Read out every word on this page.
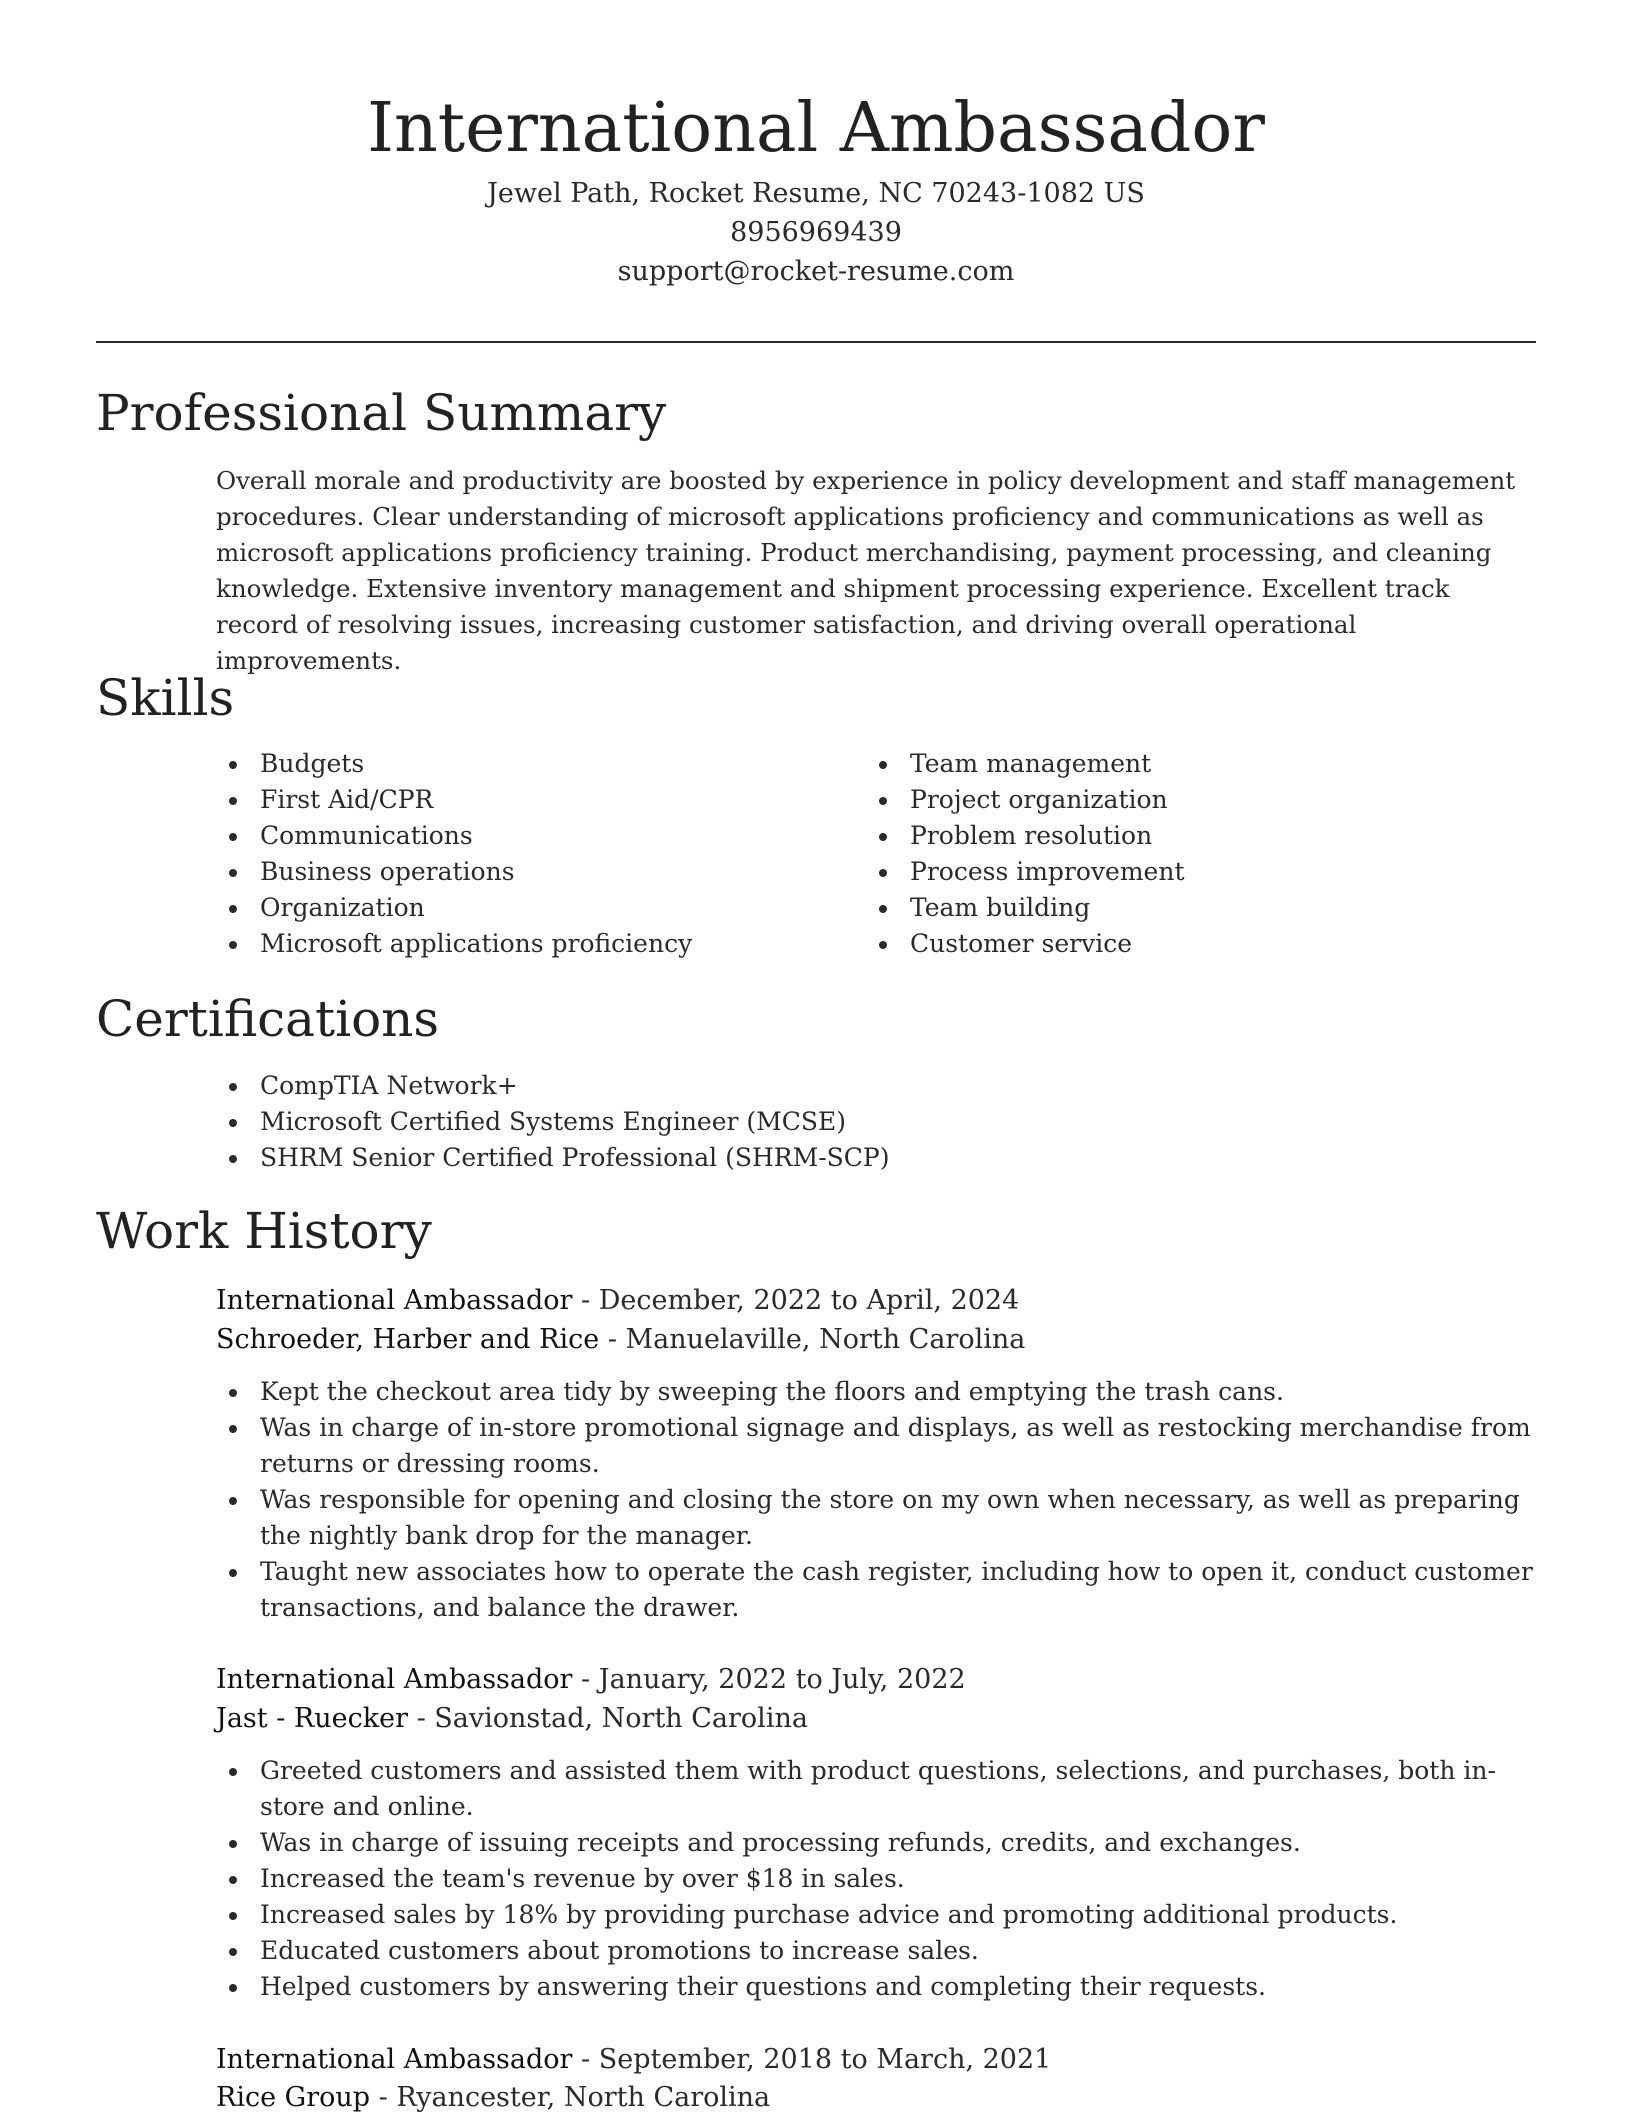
International Ambassador
Jewel Path, Rocket Resume, NC 70243-1082 US
8956969439
support@rocket-resume.com
Professional Summary

Overall morale and productivity are boosted by experience in policy development and staff management procedures. Clear understanding of microsoft applications proficiency and communications as well as microsoft applications proficiency training. Product merchandising, payment processing, and cleaning knowledge. Extensive inventory management and shipment processing experience. Excellent track record of resolving issues, increasing customer satisfaction, and driving overall operational improvements.

Skills
Budgets
First Aid/CPR
Communications
Business operations
Organization
Microsoft applications proficiency
Team management
Project organization
Problem resolution
Process improvement
Team building
Customer service
Certifications
CompTIA Network+
Microsoft Certified Systems Engineer (MCSE)
SHRM Senior Certified Professional (SHRM-SCP)
Work History
International Ambassador - December, 2022 to April, 2024
Schroeder, Harber and Rice - Manuelaville, North Carolina
Kept the checkout area tidy by sweeping the floors and emptying the trash cans.
Was in charge of in-store promotional signage and displays, as well as restocking merchandise from returns or dressing rooms.
Was responsible for opening and closing the store on my own when necessary, as well as preparing the nightly bank drop for the manager.
Taught new associates how to operate the cash register, including how to open it, conduct customer transactions, and balance the drawer.
International Ambassador - January, 2022 to July, 2022
Jast - Ruecker - Savionstad, North Carolina
Greeted customers and assisted them with product questions, selections, and purchases, both in-store and online.
Was in charge of issuing receipts and processing refunds, credits, and exchanges.
Increased the team's revenue by over $18 in sales.
Increased sales by 18% by providing purchase advice and promoting additional products.
Educated customers about promotions to increase sales.
Helped customers by answering their questions and completing their requests.
International Ambassador - September, 2018 to March, 2021
Rice Group - Ryancester, North Carolina
